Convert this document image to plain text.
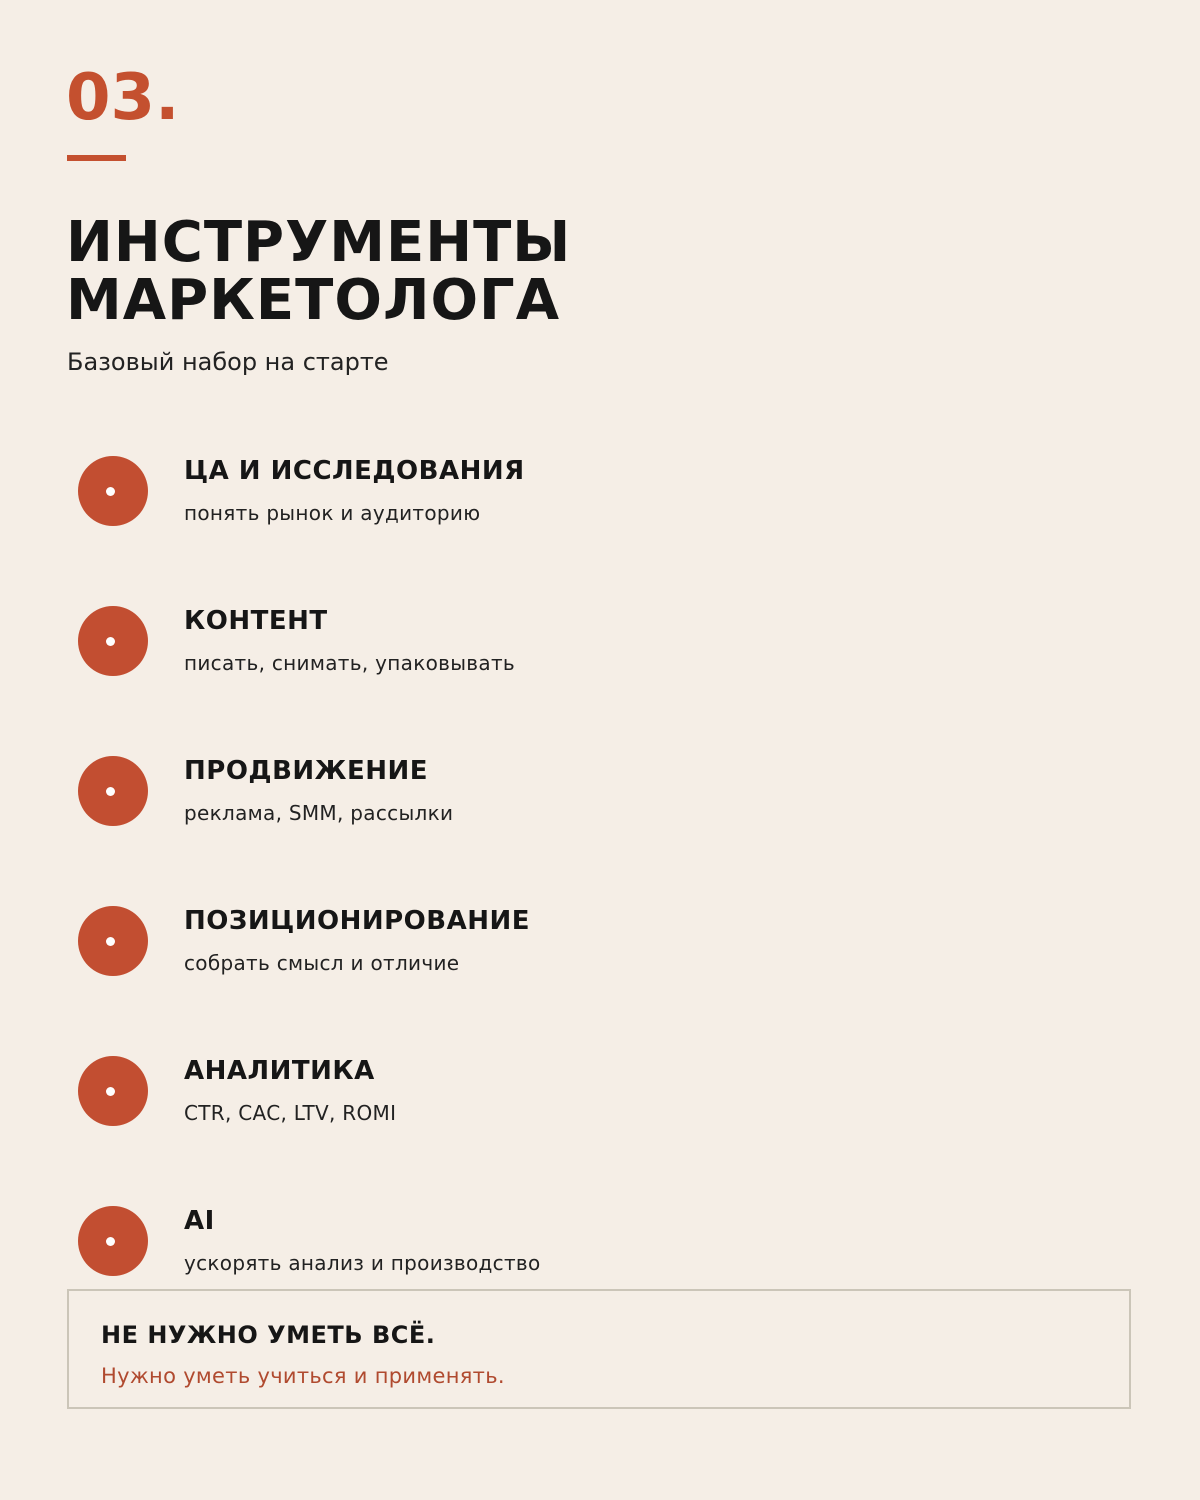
03.

ИНСТРУМЕНТЫ
МАРКЕТОЛОГА

Базовый набор на старте

ЦА И ИССЛЕДОВАНИЯ

понять рынок и аудиторию

КОНТЕНТ

писать, снимать, упаковывать

ПРОДВИЖЕНИЕ

реклама, SMM, рассылки

ПОЗИЦИОНИРОВАНИЕ

собрать смысл и отличие

АНАЛИТИКА

CTR, CAC, LTV, ROMI

AI

ускорять анализ и производство

НЕ НУЖНО УМЕТЬ ВСЁ.

Нужно уметь учиться и применять.
